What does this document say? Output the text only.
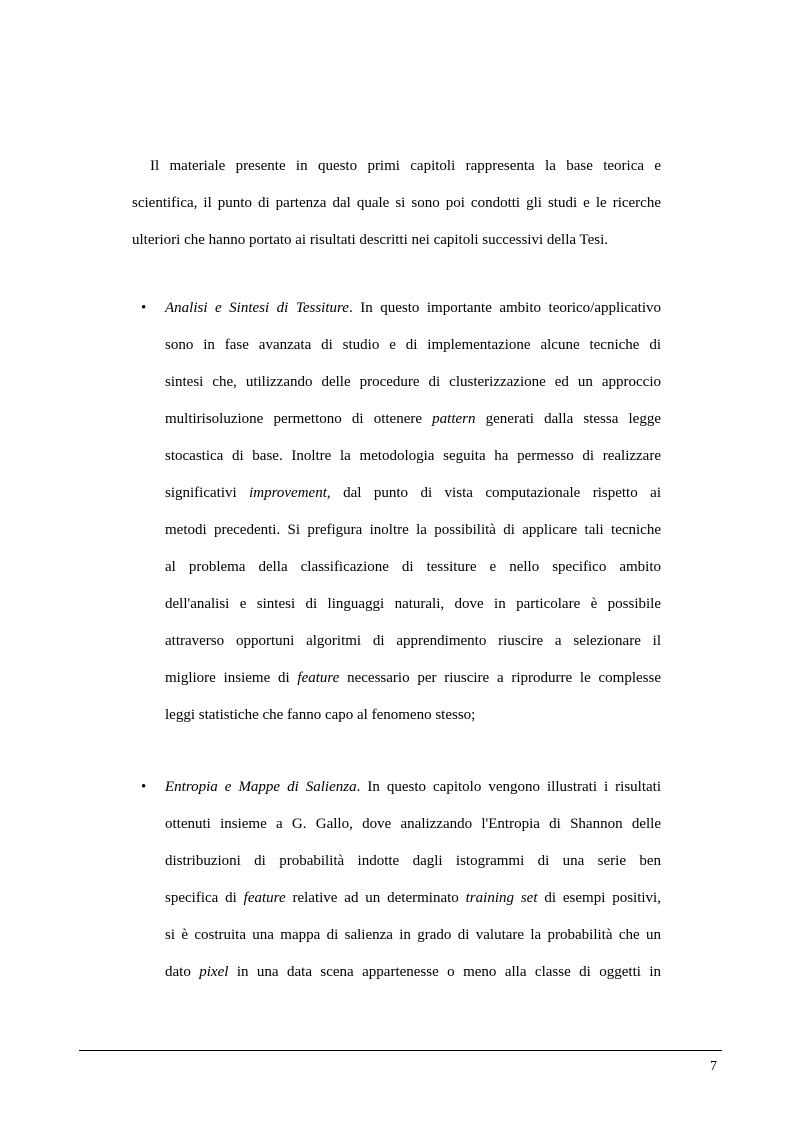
Il materiale presente in questo primi capitoli rappresenta la base teorica e
scientifica, il punto di partenza dal quale si sono poi condotti gli studi e le ricerche
ulteriori che hanno portato ai risultati descritti nei capitoli successivi della Tesi.
• Analisi e Sintesi di Tessiture. In questo importante ambito teorico/applicativo
sono in fase avanzata di studio e di implementazione alcune tecniche di
sintesi che, utilizzando delle procedure di clusterizzazione ed un approccio
multirisoluzione permettono di ottenere pattern generati dalla stessa legge
stocastica di base. Inoltre la metodologia seguita ha permesso di realizzare
significativi improvement, dal punto di vista computazionale rispetto ai
metodi precedenti. Si prefigura inoltre la possibilità di applicare tali tecniche
al problema della classificazione di tessiture e nello specifico ambito
dell'analisi e sintesi di linguaggi naturali, dove in particolare è possibile
attraverso opportuni algoritmi di apprendimento riuscire a selezionare il
migliore insieme di feature necessario per riuscire a riprodurre le complesse
leggi statistiche che fanno capo al fenomeno stesso;
• Entropia e Mappe di Salienza. In questo capitolo vengono illustrati i risultati
ottenuti insieme a G. Gallo, dove analizzando l'Entropia di Shannon delle
distribuzioni di probabilità indotte dagli istogrammi di una serie ben
specifica di feature relative ad un determinato training set di esempi positivi,
si è costruita una mappa di salienza in grado di valutare la probabilità che un
dato pixel in una data scena appartenesse o meno alla classe di oggetti in
7
